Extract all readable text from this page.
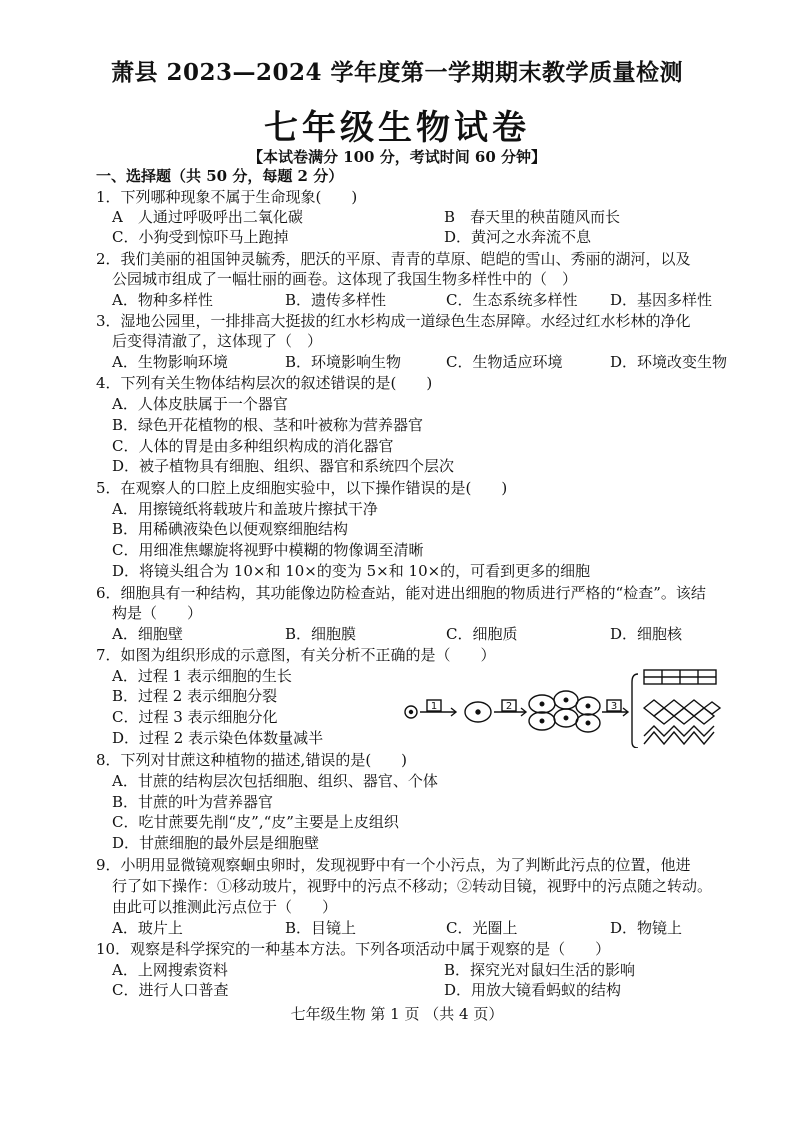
萧县 2023—2024 学年度第一学期期末教学质量检测
七年级生物试卷
【本试卷满分 100 分，考试时间 60 分钟】
一、选择题（共 50 分，每题 2 分）
1．下列哪种现象不属于生命现象(　　)
A　人通过呼吸呼出二氧化碳	B　春天里的秧苗随风而长
C．小狗受到惊吓马上跑掉	D．黄河之水奔流不息
2．我们美丽的祖国钟灵毓秀，肥沃的平原、青青的草原、皑皑的雪山、秀丽的湖河，以及
公园城市组成了一幅壮丽的画卷。这体现了我国生物多样性中的（　）
A．物种多样性	B．遗传多样性	C．生态系统多样性 D．基因多样性
3．湿地公园里，一排排高大挺拔的红水杉构成一道绿色生态屏障。水经过红水杉林的净化
后变得清澈了，这体现了（　）
A．生物影响环境	B．环境影响生物	C．生物适应环境	D．环境改变生物
4．下列有关生物体结构层次的叙述错误的是(　　)
A．人体皮肤属于一个器官
B．绿色开花植物的根、茎和叶被称为营养器官
C．人体的胃是由多种组织构成的消化器官
D．被子植物具有细胞、组织、器官和系统四个层次
5．在观察人的口腔上皮细胞实验中，以下操作错误的是(　　)
A．用擦镜纸将载玻片和盖玻片擦拭干净
B．用稀碘液染色以便观察细胞结构
C．用细准焦螺旋将视野中模糊的物像调至清晰
D．将镜头组合为 10×和 10×的变为 5×和 10×的，可看到更多的细胞
6．细胞具有一种结构，其功能像边防检查站，能对进出细胞的物质进行严格的“检查”。该结
构是（　　）
A．细胞壁	B．细胞膜	C．细胞质	D．细胞核
7．如图为组织形成的示意图，有关分析不正确的是（　　）
A．过程 1 表示细胞的生长
B．过程 2 表示细胞分裂
C．过程 3 表示细胞分化
D．过程 2 表示染色体数量减半
1	2	3
8．下列对甘蔗这种植物的描述,错误的是(　　)
A．甘蔗的结构层次包括细胞、组织、器官、个体
B．甘蔗的叶为营养器官
C．吃甘蔗要先削“皮”,“皮”主要是上皮组织
D．甘蔗细胞的最外层是细胞壁
9．小明用显微镜观察蛔虫卵时，发现视野中有一个小污点，为了判断此污点的位置，他进
行了如下操作：①移动玻片，视野中的污点不移动；②转动目镜，视野中的污点随之转动。
由此可以推测此污点位于（　　）
A．玻片上	B．目镜上	C．光圈上	D．物镜上
10．观察是科学探究的一种基本方法。下列各项活动中属于观察的是（　　）
A．上网搜索资料	B．探究光对鼠妇生活的影响
C．进行人口普查	D．用放大镜看蚂蚁的结构
七年级生物 第 1 页 （共 4 页）
